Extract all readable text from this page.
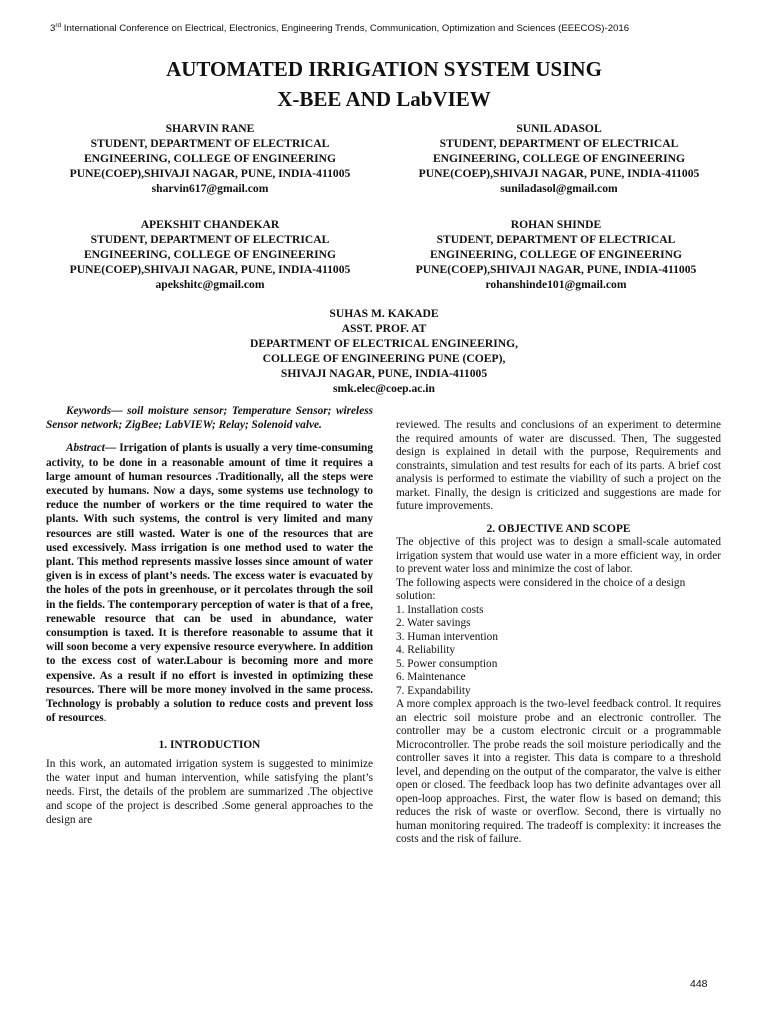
3rd International Conference on Electrical, Electronics, Engineering Trends, Communication, Optimization and Sciences (EEECOS)-2016
AUTOMATED IRRIGATION SYSTEM USING
X-BEE AND LabVIEW
SHARVIN RANE
STUDENT, DEPARTMENT OF ELECTRICAL
ENGINEERING, COLLEGE OF ENGINEERING
PUNE(COEP),SHIVAJI NAGAR, PUNE, INDIA-411005
sharvin617@gmail.com
SUNIL ADASOL
STUDENT, DEPARTMENT OF ELECTRICAL
ENGINEERING, COLLEGE OF ENGINEERING
PUNE(COEP),SHIVAJI NAGAR, PUNE, INDIA-411005
suniladasol@gmail.com
APEKSHIT CHANDEKAR
STUDENT, DEPARTMENT OF ELECTRICAL
ENGINEERING, COLLEGE OF ENGINEERING
PUNE(COEP),SHIVAJI NAGAR, PUNE, INDIA-411005
apekshitc@gmail.com
ROHAN SHINDE
STUDENT, DEPARTMENT OF ELECTRICAL
ENGINEERING, COLLEGE OF ENGINEERING
PUNE(COEP),SHIVAJI NAGAR, PUNE, INDIA-411005
rohanshinde101@gmail.com
SUHAS M. KAKADE
ASST. PROF. AT
DEPARTMENT OF ELECTRICAL ENGINEERING,
COLLEGE OF ENGINEERING PUNE (COEP),
SHIVAJI NAGAR, PUNE, INDIA-411005
smk.elec@coep.ac.in

Keywords— soil moisture sensor; Temperature Sensor; wireless Sensor network; ZigBee; LabVIEW; Relay; Solenoid valve.

Abstract— Irrigation of plants is usually a very time-consuming activity, to be done in a reasonable amount of time it requires a large amount of human resources .Traditionally, all the steps were executed by humans. Now a days, some systems use technology to reduce the number of workers or the time required to water the plants. With such systems, the control is very limited and many resources are still wasted. Water is one of the resources that are used excessively. Mass irrigation is one method used to water the plant. This method represents massive losses since amount of water given is in excess of plant’s needs. The excess water is evacuated by the holes of the pots in greenhouse, or it percolates through the soil in the fields. The contemporary perception of water is that of a free, renewable resource that can be used in abundance, water consumption is taxed. It is therefore reasonable to assume that it will soon become a very expensive resource everywhere. In addition to the excess cost of water.Labour is becoming more and more expensive. As a result if no effort is invested in optimizing these resources. There will be more money involved in the same process. Technology is probably a solution to reduce costs and prevent loss of resources.

1. INTRODUCTION

In this work, an automated irrigation system is suggested to minimize the water input and human intervention, while satisfying the plant’s needs. First, the details of the problem are summarized .The objective and scope of the project is described .Some general approaches to the design are

reviewed. The results and conclusions of an experiment to determine the required amounts of water are discussed. Then, The suggested design is explained in detail with the purpose, Requirements and constraints, simulation and test results for each of its parts. A brief cost analysis is performed to estimate the viability of such a project on the market. Finally, the design is criticized and suggestions are made for future improvements.

2. OBJECTIVE AND SCOPE

The objective of this project was to design a small-scale automated irrigation system that would use water in a more efficient way, in order to prevent water loss and minimize the cost of labor.

The following aspects were considered in the choice of a design solution:

1. Installation costs

2. Water savings

3. Human intervention

4. Reliability

5. Power consumption

6. Maintenance

7. Expandability

A more complex approach is the two-level feedback control. It requires an electric soil moisture probe and an electronic controller. The controller may be a custom electronic circuit or a programmable Microcontroller. The probe reads the soil moisture periodically and the controller saves it into a register. This data is compare to a threshold level, and depending on the output of the comparator, the valve is either open or closed. The feedback loop has two definite advantages over all open-loop approaches. First, the water flow is based on demand; this reduces the risk of waste or overflow. Second, there is virtually no human monitoring required. The tradeoff is complexity: it increases the costs and the risk of failure.

448
